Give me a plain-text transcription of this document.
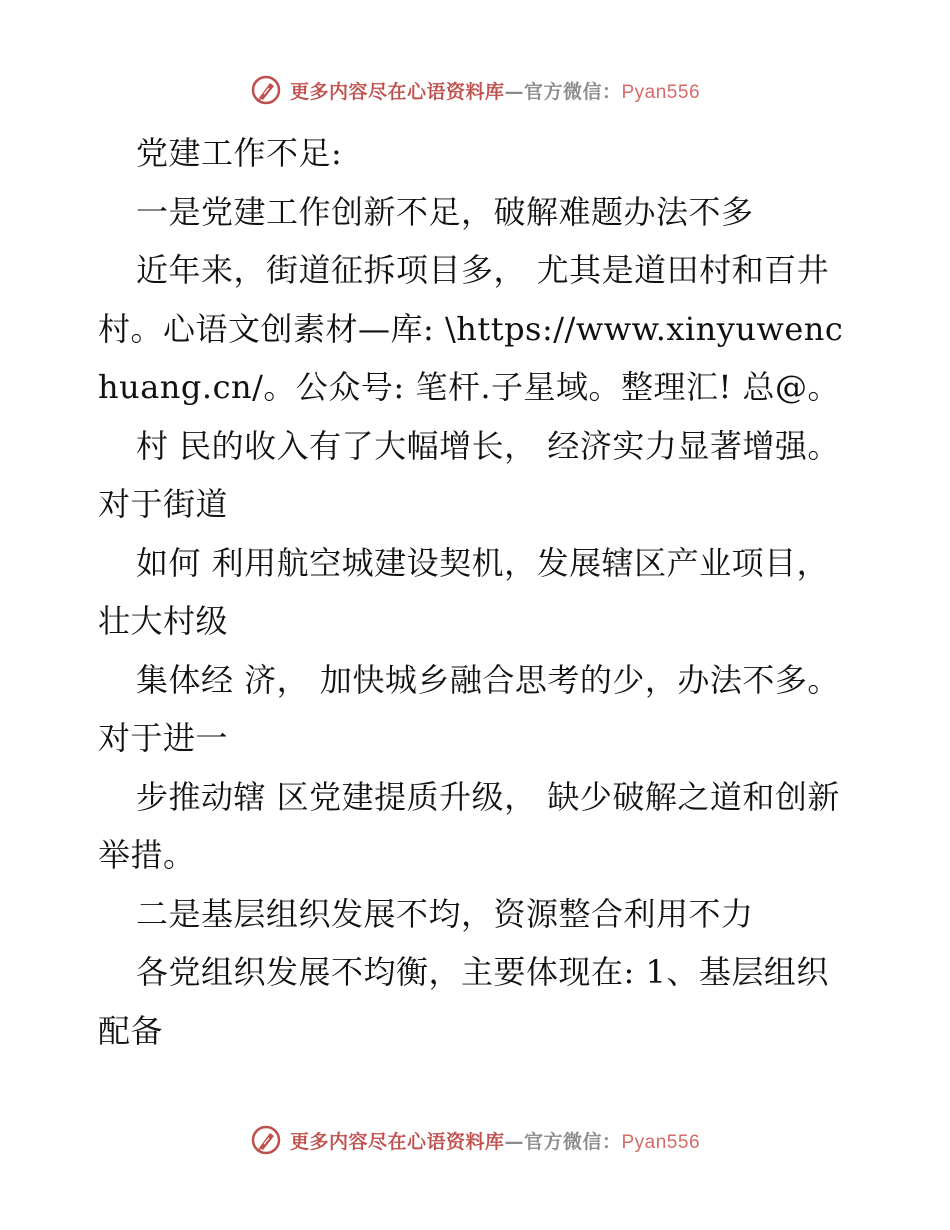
更多内容尽在心语资料库—官方微信：Pyan556

党建工作不足:

一是党建工作创新不足，破解难题办法不多

近年来，街道征拆项目多， 尤其是道田村和百井村。心语文创素材—库: \https://www.xinyuwenchuang.cn/。公众号: 笔杆.子星域。整理汇! 总@。

村 民的收入有了大幅增长， 经济实力显著增强。对于街道

如何 利用航空城建设契机，发展辖区产业项目，壮大村级

集体经 济， 加快城乡融合思考的少，办法不多。对于进一

步推动辖 区党建提质升级， 缺少破解之道和创新举措。

二是基层组织发展不均，资源整合利用不力

各党组织发展不均衡，主要体现在: 1、基层组织配备

更多内容尽在心语资料库—官方微信：Pyan556
